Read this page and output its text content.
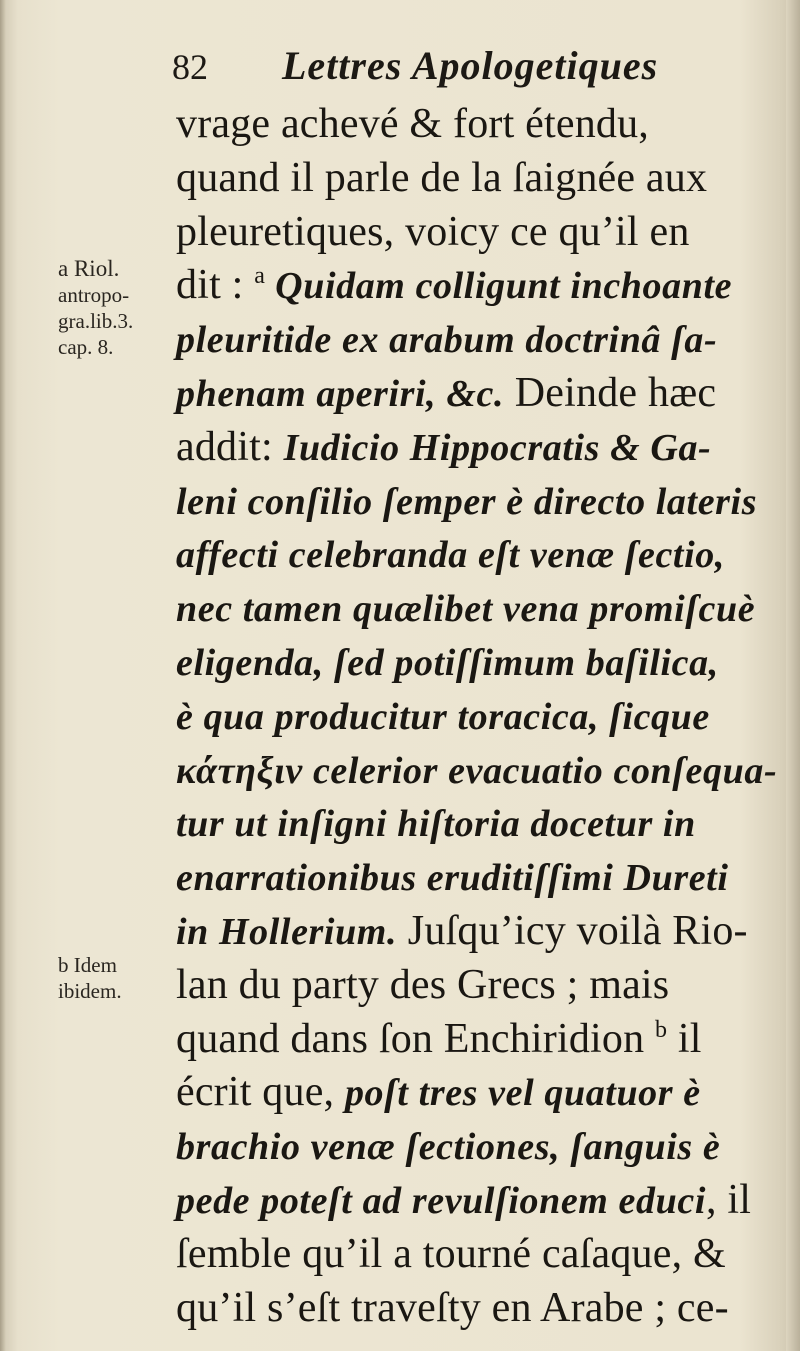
82 Lettres Apologetiques
a Riol.
antropo-
gra.lib.3.
cap. 8.
b Idem
ibidem.
vrage achevé & fort étendu,
quand il parle de la ſaignée aux
pleuretiques, voicy ce qu’il en
dit : $^a$ Quidam colligunt inchoante
pleuritide ex arabum doctrinâ ſa-
phenam aperiri, &c. Deinde hæc
addit: Iudicio Hippocratis & Ga-
leni conſilio ſemper è directo lateris
affecti celebranda eſt venæ ſectio,
nec tamen quælibet vena promiſcuè
eligenda, ſed potiſſimum baſilica,
è qua producitur toracica, ſicque
κάτηξιν celerior evacuatio conſequa-
tur ut inſigni hiſtoria docetur in
enarrationibus eruditiſſimi Dureti
in Hollerium. Juſqu’icy voilà Rio-
lan du party des Grecs ; mais
quand dans ſon Enchiridion $^b$ il
écrit que, poſt tres vel quatuor è
brachio venæ ſectiones, ſanguis è
pede poteſt ad revulſionem educi, il
ſemble qu’il a tourné caſaque, &
qu’il s’eſt traveſty en Arabe ; ce-
